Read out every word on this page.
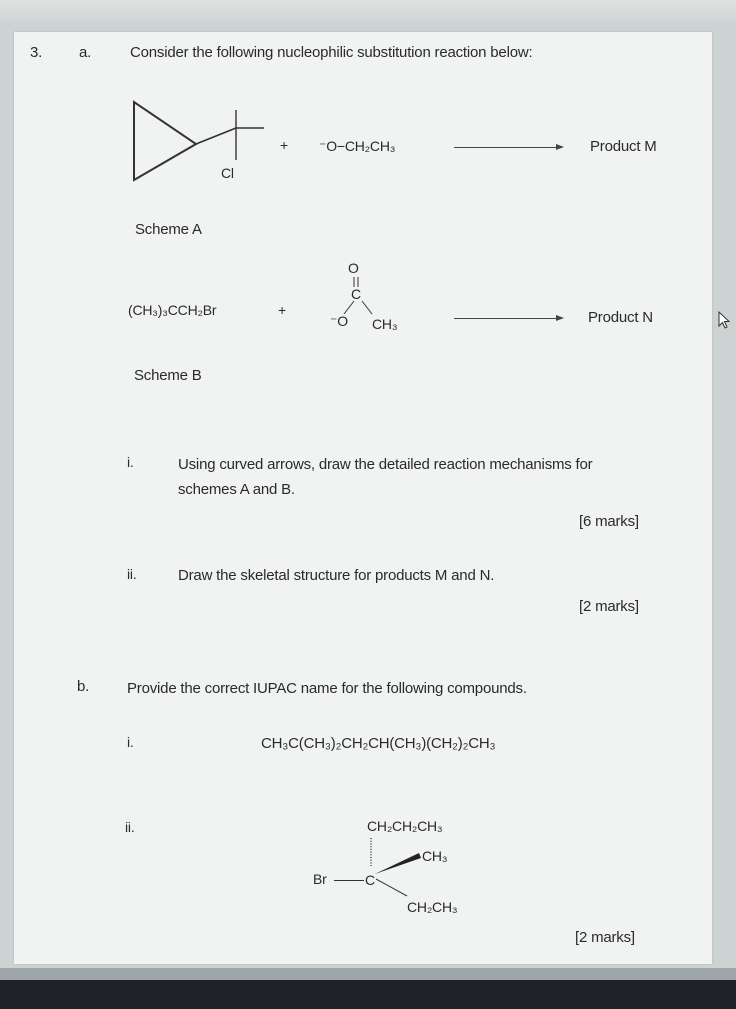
3. a.	Consider the following nucleophilic substitution reaction below:
Cl
+ ⁻O−CH₂CH₃	Product M
Scheme A
(CH₃)₃CCH₂Br	+
O
C
⁻O CH₃	Product N
Scheme B
i.	Using curved arrows, draw the detailed reaction mechanisms for
schemes A and B.
[6 marks]
ii.	Draw the skeletal structure for products M and N.
[2 marks]
b.	Provide the correct IUPAC name for the following compounds.
i.	CH₃C(CH₃)₂CH₂CH(CH₃)(CH₂)₂CH₃
ii.	CH₂CH₂CH₃
CH₃
Br	C
CH₂CH₃
[2 marks]
